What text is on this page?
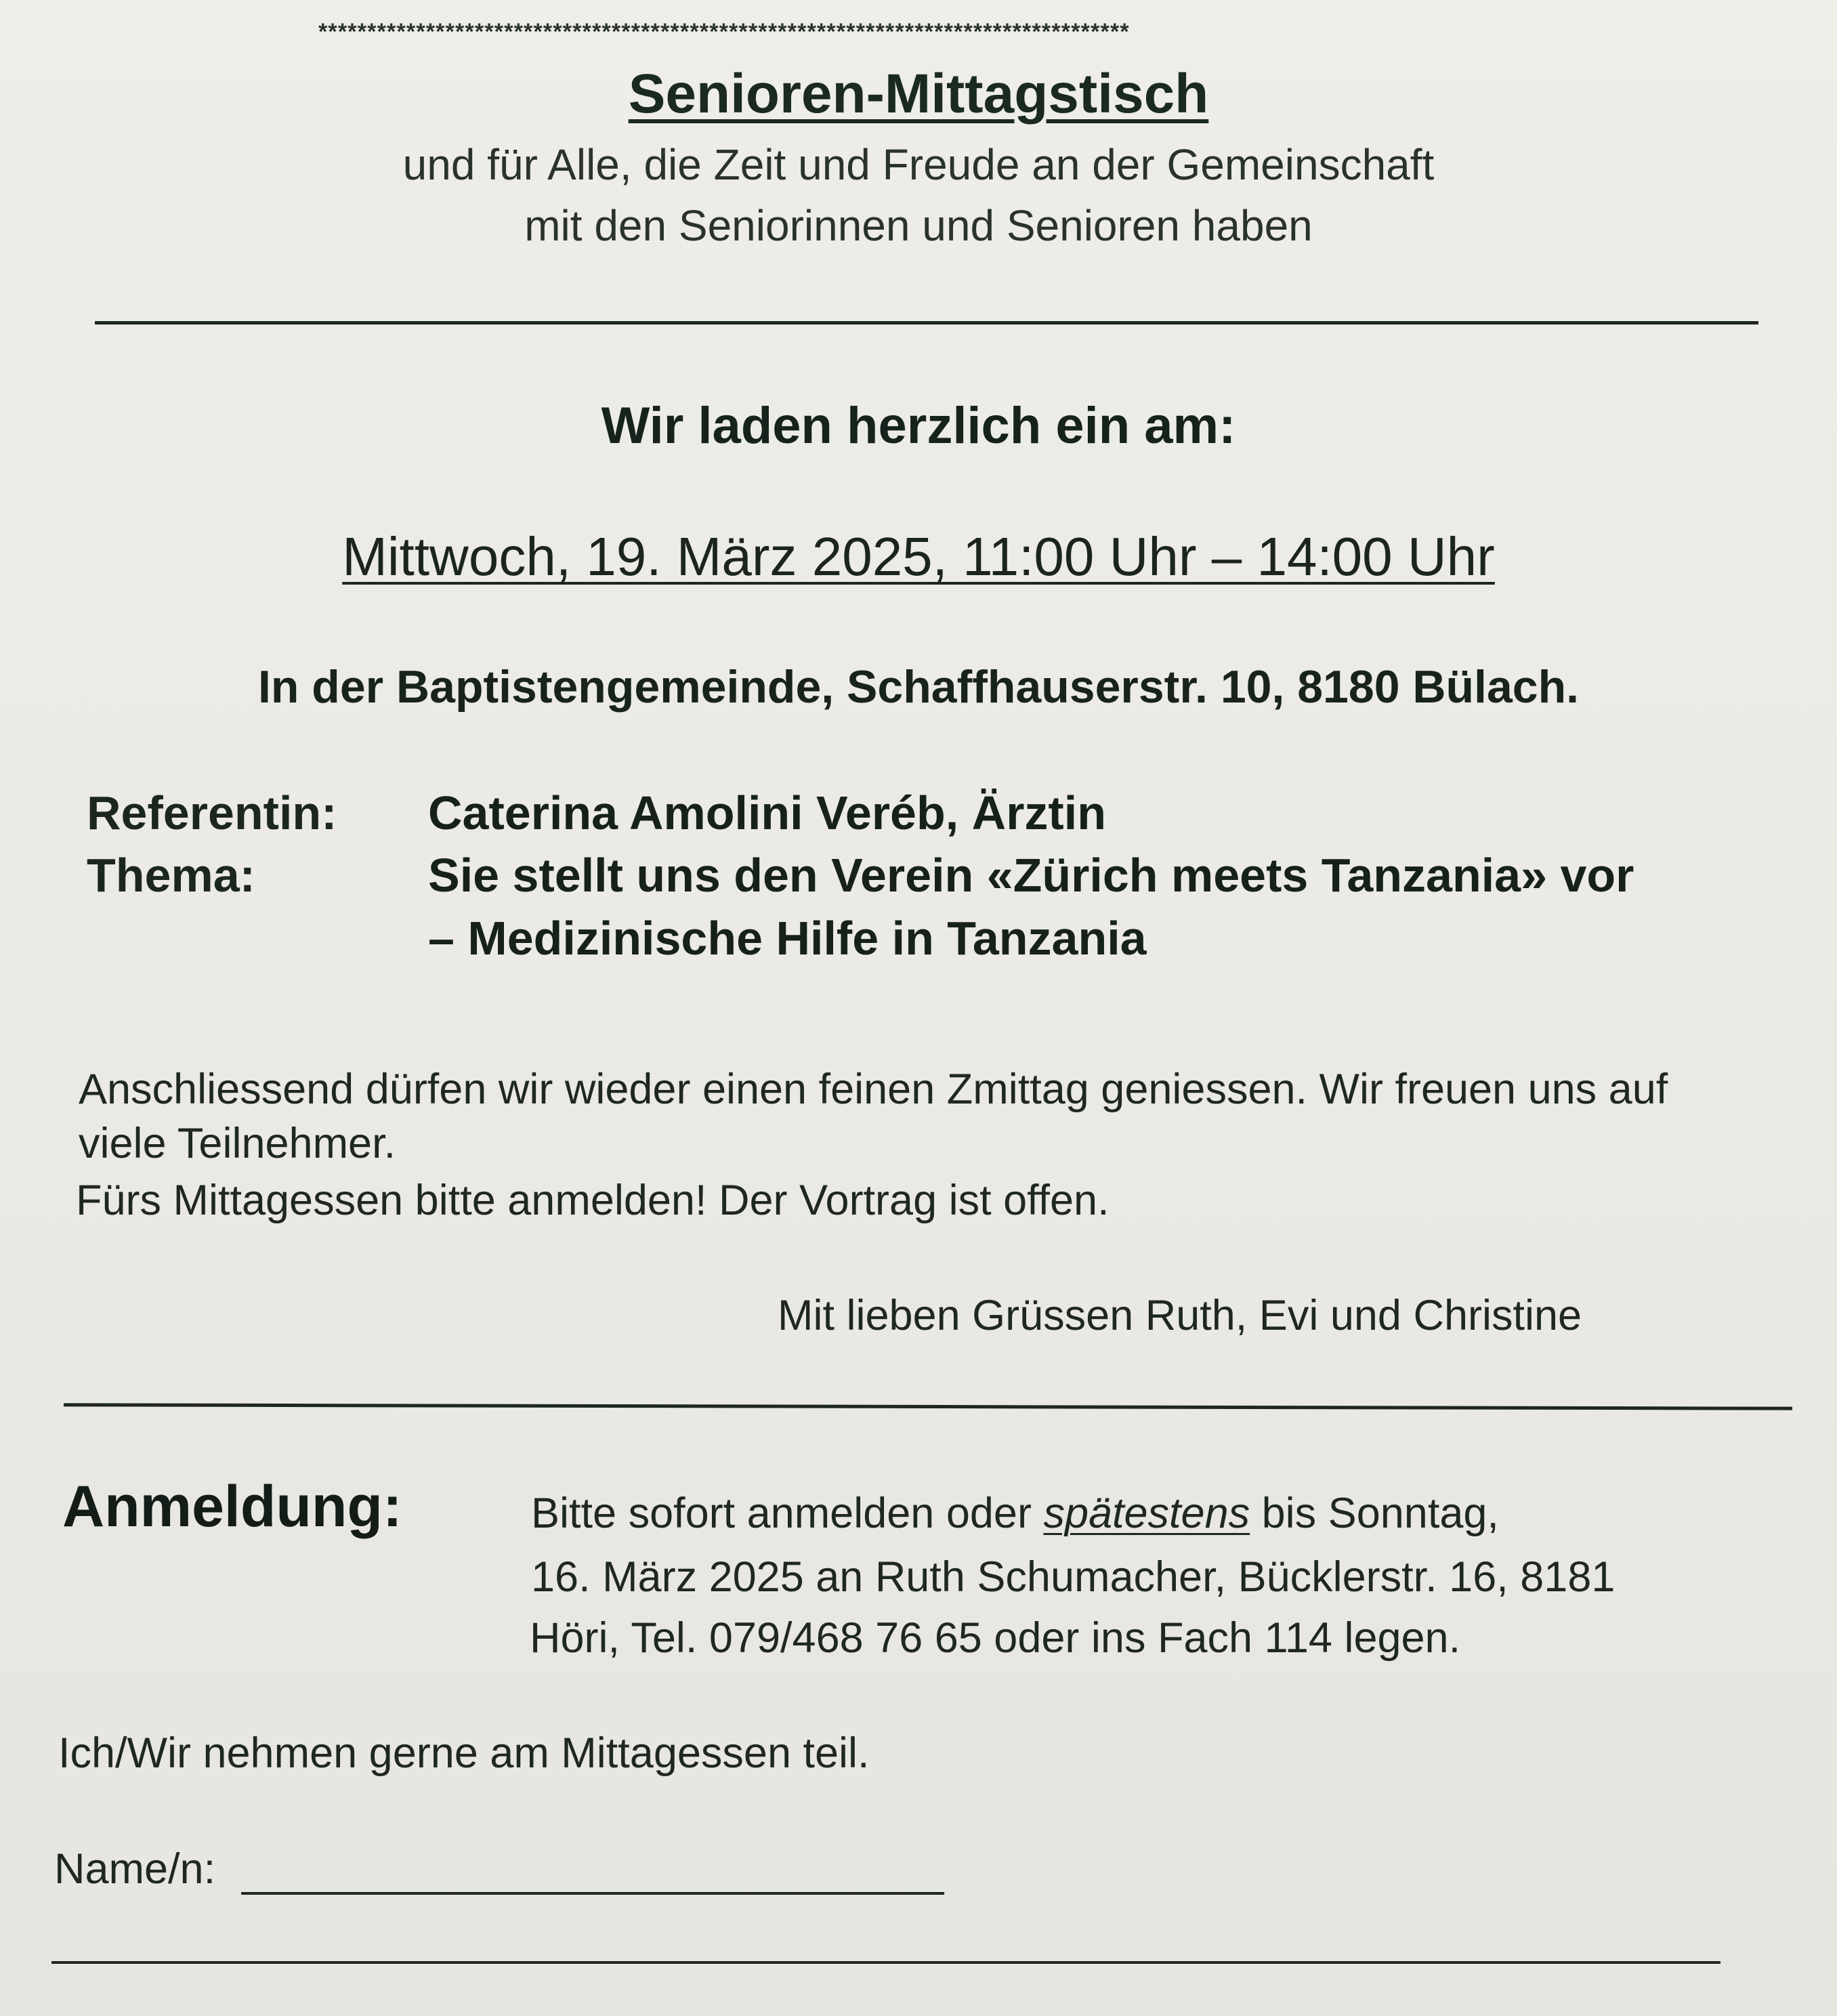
***********************************************************************************
Senioren-Mittagstisch
und für Alle, die Zeit und Freude an der Gemeinschaft
mit den Seniorinnen und Senioren haben
Wir laden herzlich ein am:
Mittwoch, 19. März 2025, 11:00 Uhr – 14:00 Uhr
In der Baptistengemeinde, Schaffhauserstr. 10, 8180 Bülach.
Referentin: Caterina Amolini Veréb, Ärztin
Thema:	Sie stellt uns den Verein «Zürich meets Tanzania» vor
– Medizinische Hilfe in Tanzania
Anschliessend dürfen wir wieder einen feinen Zmittag geniessen. Wir freuen uns auf
viele Teilnehmer.
Fürs Mittagessen bitte anmelden! Der Vortrag ist offen.
Mit lieben Grüssen Ruth, Evi und Christine
Anmeldung:	Bitte sofort anmelden oder spätestens bis Sonntag,
16. März 2025 an Ruth Schumacher, Bücklerstr. 16, 8181
Höri, Tel. 079/468 76 65 oder ins Fach 114 legen.
Ich/Wir nehmen gerne am Mittagessen teil.
Name/n:
